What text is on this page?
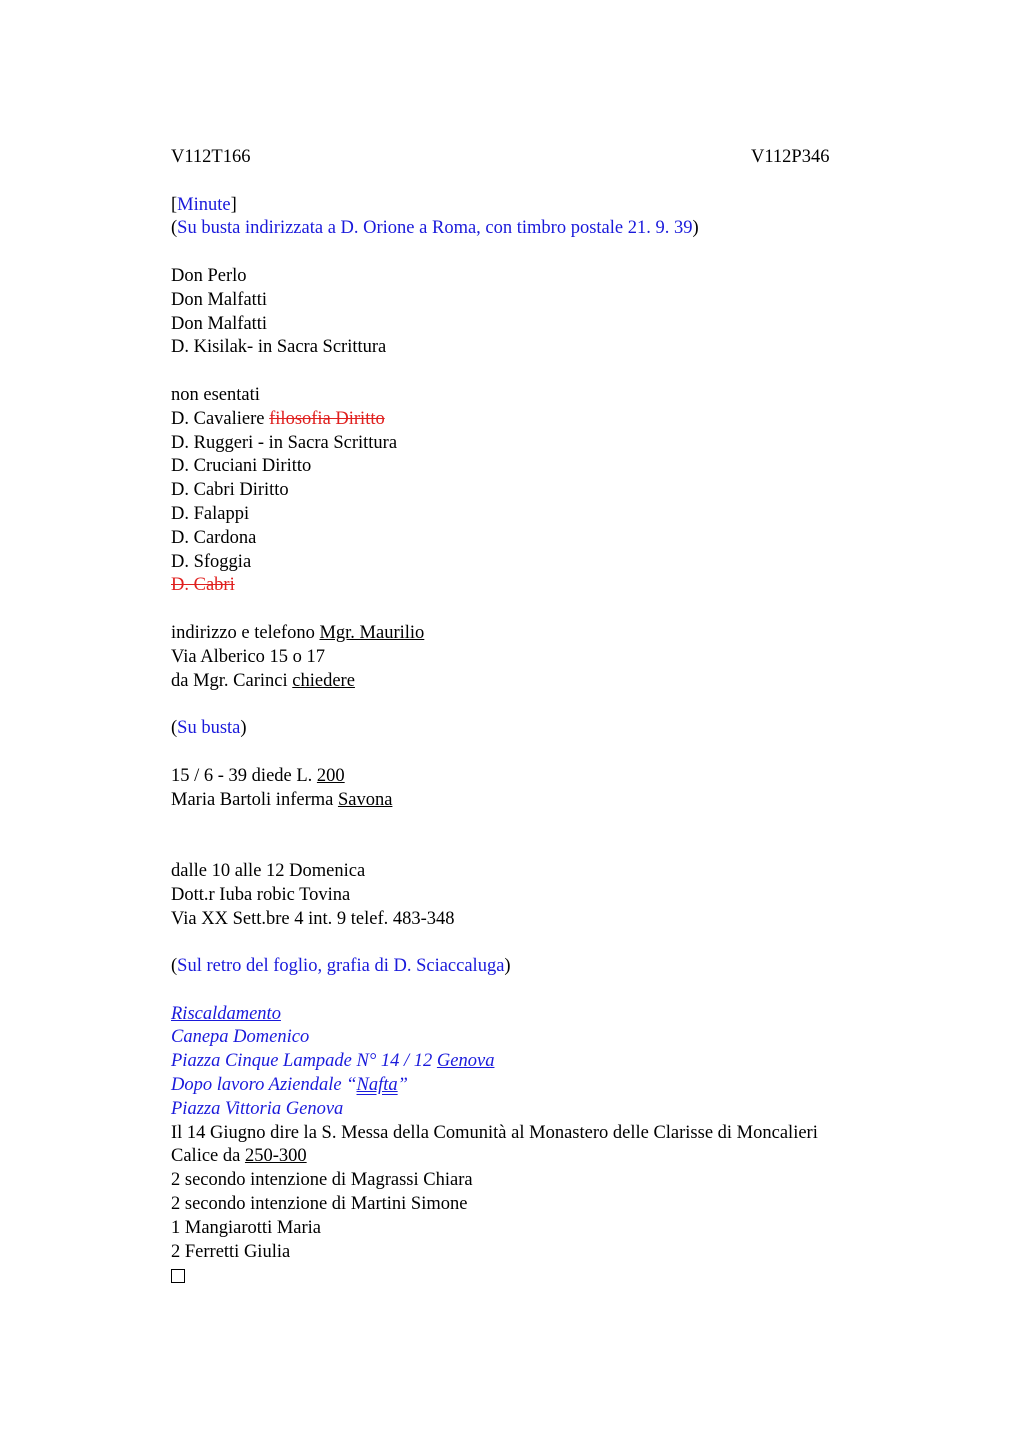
V112T166	V112P346
[Minute]
(Su busta indirizzata a D. Orione a Roma, con timbro postale 21. 9. 39)
Don Perlo
Don Malfatti
Don Malfatti
D. Kisilak- in Sacra Scrittura
non esentati
D. Cavaliere filosofia Diritto
D. Ruggeri - in Sacra Scrittura
D. Cruciani Diritto
D. Cabri Diritto
D. Falappi
D. Cardona
D. Sfoggia
D. Cabri
indirizzo e telefono Mgr. Maurilio
Via Alberico 15 o 17
da Mgr. Carinci chiedere
(Su busta)
15 / 6 - 39 diede L. 200
Maria Bartoli inferma Savona
dalle 10 alle 12 Domenica
Dott.r Iuba robic Tovina
Via XX Sett.bre 4 int. 9 telef. 483-348
(Sul retro del foglio, grafia di D. Sciaccaluga)
Riscaldamento
Canepa Domenico
Piazza Cinque Lampade N° 14 / 12 Genova
Dopo lavoro Aziendale “Nafta”
Piazza Vittoria Genova
Il 14 Giugno dire la S. Messa della Comunità al Monastero delle Clarisse di Moncalieri
Calice da 250-300
2 secondo intenzione di Magrassi Chiara
2 secondo intenzione di Martini Simone
1 Mangiarotti Maria
2 Ferretti Giulia
